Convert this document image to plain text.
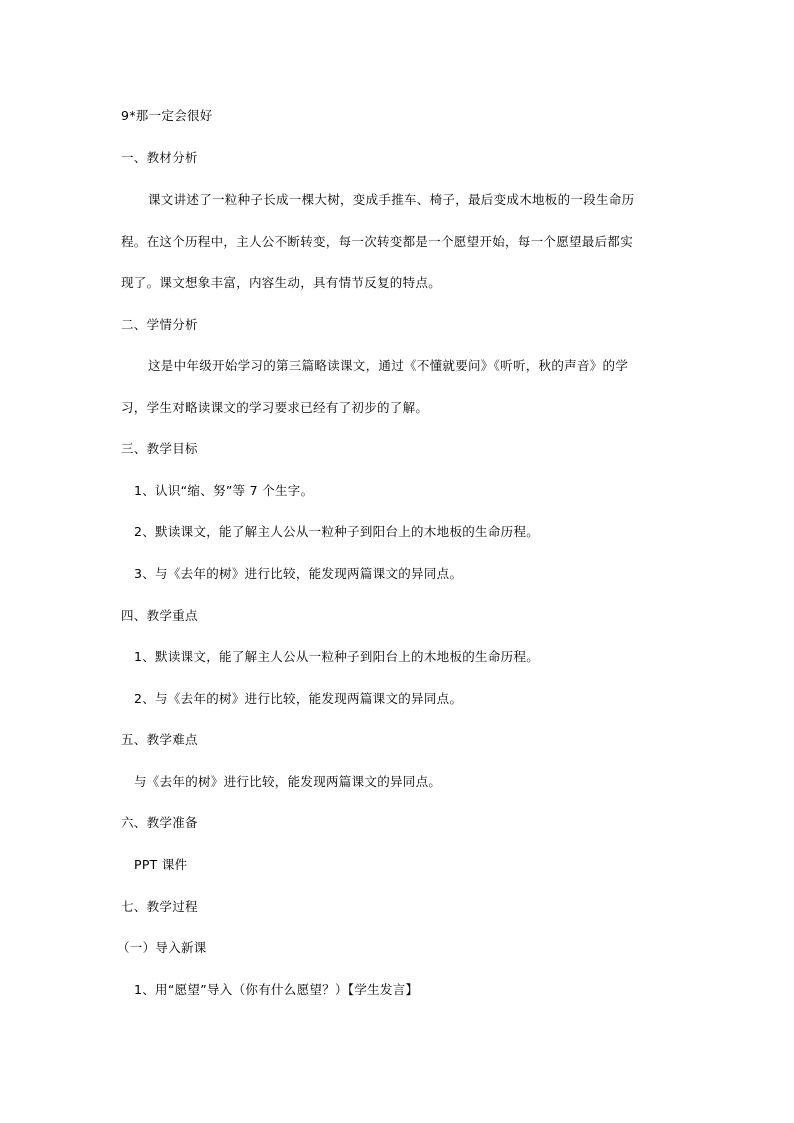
9*那一定会很好
一、教材分析
课文讲述了一粒种子长成一棵大树，变成手推车、椅子，最后变成木地板的一段生命历
程。在这个历程中，主人公不断转变，每一次转变都是一个愿望开始，每一个愿望最后都实
现了。课文想象丰富，内容生动，具有情节反复的特点。
二、学情分析
这是中年级开始学习的第三篇略读课文，通过《不懂就要问》《听听，秋的声音》的学
习，学生对略读课文的学习要求已经有了初步的了解。
三、教学目标
1、认识“缩、努”等 7 个生字。
2、默读课文，能了解主人公从一粒种子到阳台上的木地板的生命历程。
3、与《去年的树》进行比较，能发现两篇课文的异同点。
四、教学重点
1、默读课文，能了解主人公从一粒种子到阳台上的木地板的生命历程。
2、与《去年的树》进行比较，能发现两篇课文的异同点。
五、教学难点
与《去年的树》进行比较，能发现两篇课文的异同点。
六、教学准备
PPT 课件
七、教学过程
（一）导入新课
1、用“愿望”导入（你有什么愿望？）【学生发言】
